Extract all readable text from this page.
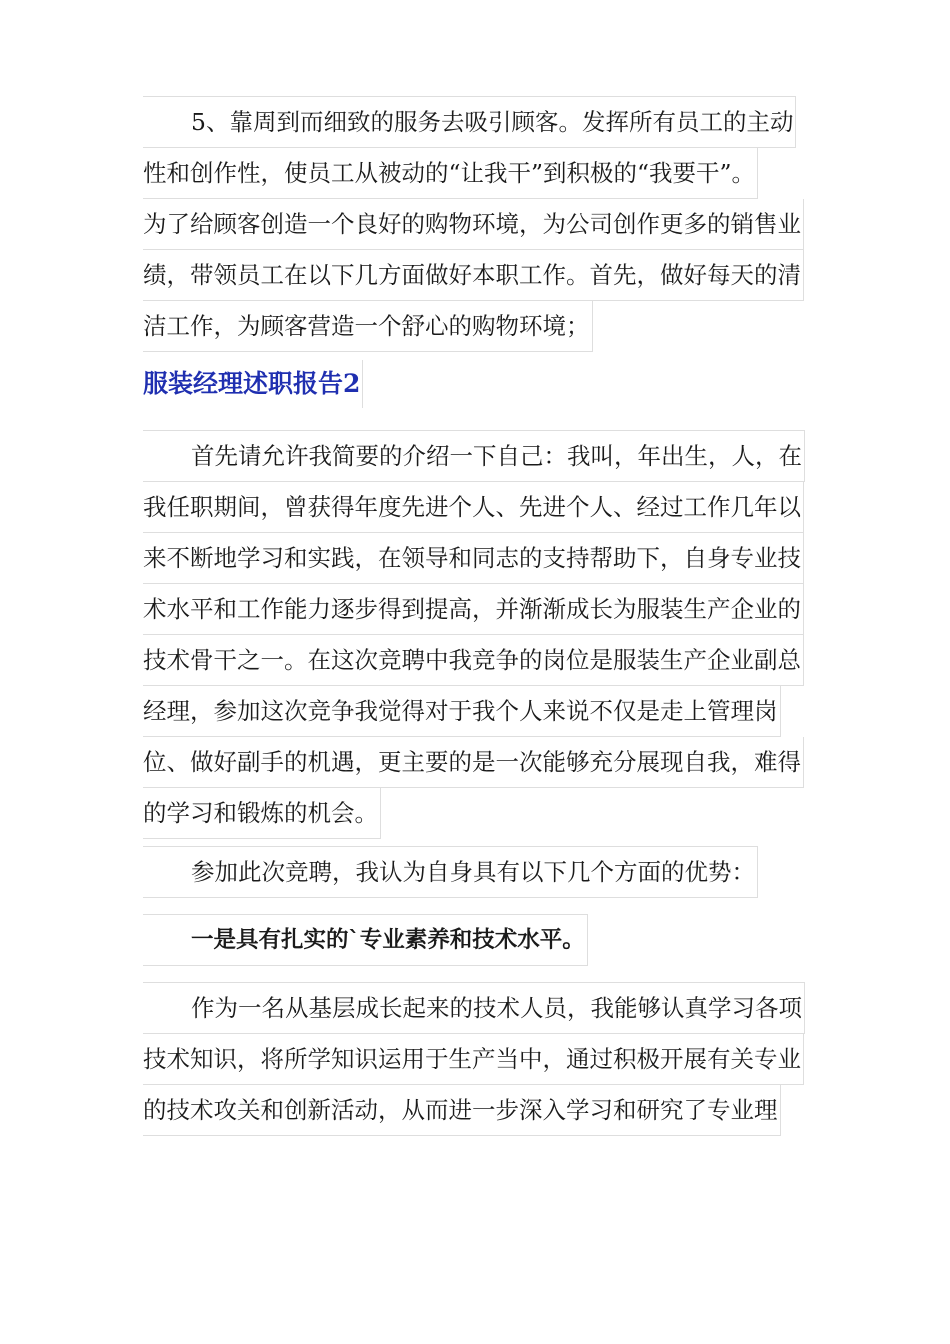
5、靠周到而细致的服务去吸引顾客。发挥所有员工的主动
性和创作性，使员工从被动的“让我干”到积极的“我要干”。
为了给顾客创造一个良好的购物环境，为公司创作更多的销售业
绩，带领员工在以下几方面做好本职工作。首先，做好每天的清
洁工作，为顾客营造一个舒心的购物环境；
服装经理述职报告2
首先请允许我简要的介绍一下自己：我叫，年出生，人，在
我任职期间，曾获得年度先进个人、先进个人、经过工作几年以
来不断地学习和实践，在领导和同志的支持帮助下，自身专业技
术水平和工作能力逐步得到提高，并渐渐成长为服装生产企业的
技术骨干之一。在这次竞聘中我竞争的岗位是服装生产企业副总
经理，参加这次竞争我觉得对于我个人来说不仅是走上管理岗
位、做好副手的机遇，更主要的是一次能够充分展现自我，难得
的学习和锻炼的机会。
参加此次竞聘，我认为自身具有以下几个方面的优势：
一是具有扎实的`专业素养和技术水平。
作为一名从基层成长起来的技术人员，我能够认真学习各项
技术知识，将所学知识运用于生产当中，通过积极开展有关专业
的技术攻关和创新活动，从而进一步深入学习和研究了专业理
